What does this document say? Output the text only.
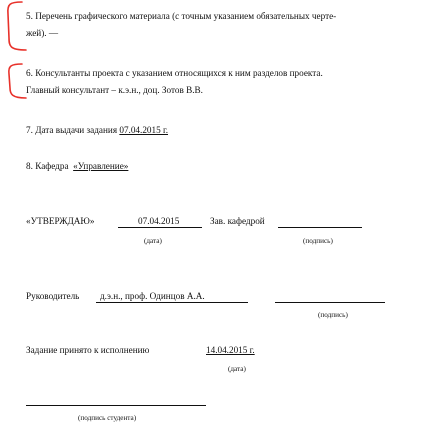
5. Перечень графического материала (с точным указанием обязательных черте-
жей). —
6. Консультанты проекта с указанием относящихся к ним разделов проекта.
Главный консультант – к.э.н., доц. Зотов В.В.
7. Дата выдачи задания 07.04.2015 г.
8. Кафедра «Управление»
«УТВЕРЖДАЮ»	07.04.2015	Зав. кафедрой
(дата)	(подпись)
Руководитель д.э.н., проф. Одинцов А.А.
(подпись)
Задание принято к исполнению	14.04.2015 г.
(дата)
(подпись студента)
